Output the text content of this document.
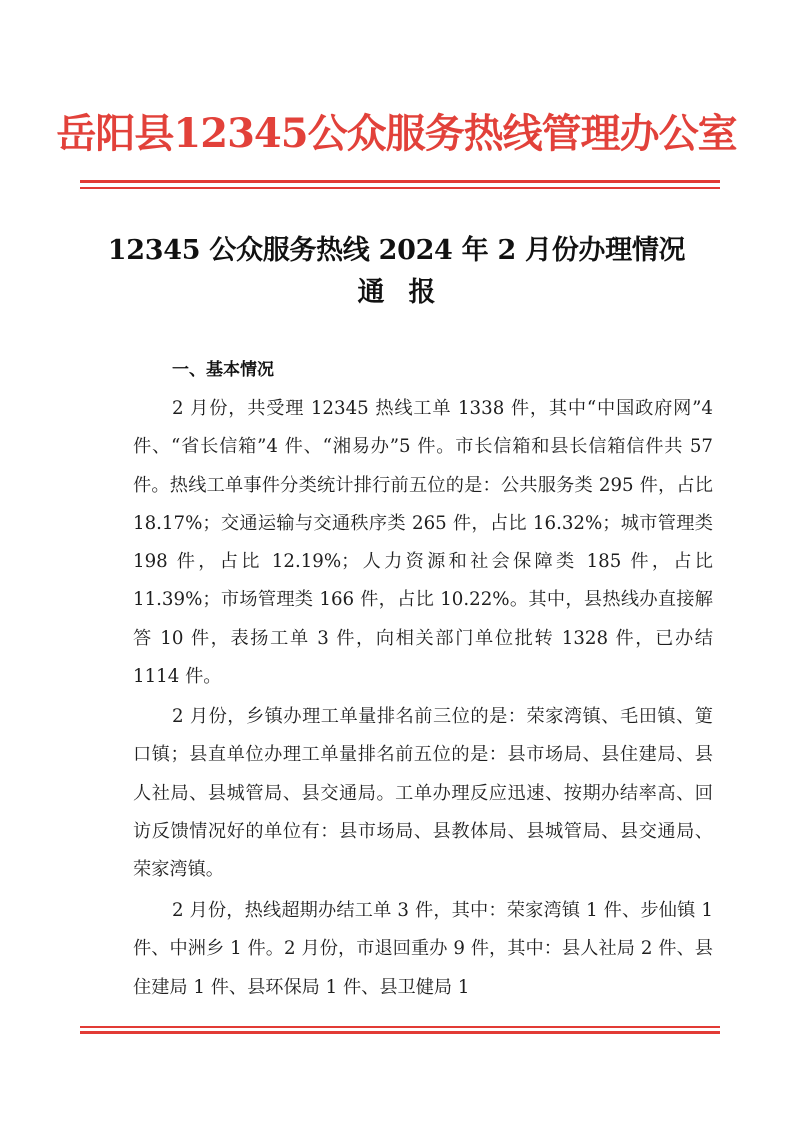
岳阳县12345公众服务热线管理办公室
12345 公众服务热线 2024 年 2 月份办理情况
通报
一、基本情况

2 月份，共受理 12345 热线工单 1338 件，其中“中国政府网”4 件、“省长信箱”4 件、“湘易办”5 件。市长信箱和县长信箱信件共 57 件。热线工单事件分类统计排行前五位的是：公共服务类 295 件，占比 18.17%；交通运输与交通秩序类 265 件，占比 16.32%；城市管理类 198 件，占比 12.19%；人力资源和社会保障类 185 件，占比 11.39%；市场管理类 166 件，占比 10.22%。其中，县热线办直接解答 10 件，表扬工单 3 件，向相关部门单位批转 1328 件，已办结 1114 件。

2 月份，乡镇办理工单量排名前三位的是：荣家湾镇、毛田镇、筻口镇；县直单位办理工单量排名前五位的是：县市场局、县住建局、县人社局、县城管局、县交通局。工单办理反应迅速、按期办结率高、回访反馈情况好的单位有：县市场局、县教体局、县城管局、县交通局、荣家湾镇。

2 月份，热线超期办结工单 3 件，其中：荣家湾镇 1 件、步仙镇 1 件、中洲乡 1 件。2 月份，市退回重办 9 件，其中：县人社局 2 件、县住建局 1 件、县环保局 1 件、县卫健局 1
